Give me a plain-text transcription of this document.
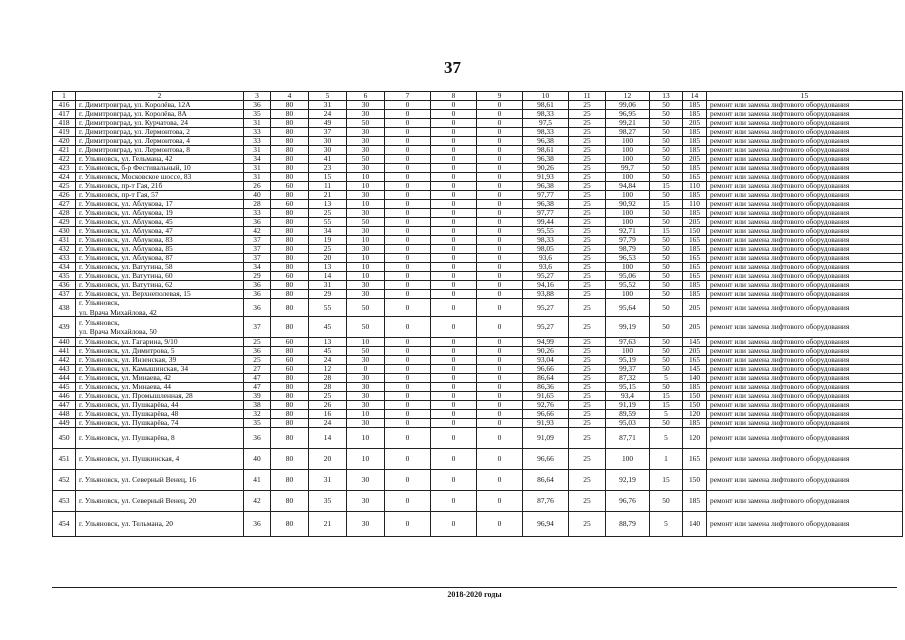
37
1	2	3	4	5	6	7	8	9	10	11	12	13	14	15
416	г. Димитровград, ул. Королёва, 12А	36	80	31	30	0	0	0	98,61	25	99,06	50	185	ремонт или замена лифтового оборудования
417	г. Димитровград, ул. Королёва, 8А	35	80	24	30	0	0	0	98,33	25	96,95	50	185	ремонт или замена лифтового оборудования
418	г. Димитровград, ул. Курчатова, 24	31	80	49	50	0	0	0	97,5	25	99,21	50	205	ремонт или замена лифтового оборудования
419	г. Димитровград, ул. Лермонтова, 2	33	80	37	30	0	0	0	98,33	25	98,27	50	185	ремонт или замена лифтового оборудования
420	г. Димитровград, ул. Лермонтова, 4	33	80	30	30	0	0	0	96,38	25	100	50	185	ремонт или замена лифтового оборудования
421	г. Димитровград, ул. Лермонтова, 8	31	80	30	30	0	0	0	98,61	25	100	50	185	ремонт или замена лифтового оборудования
422	г. Ульяновск, ул. Гельмана, 42	34	80	41	50	0	0	0	96,38	25	100	50	205	ремонт или замена лифтового оборудования
423	г. Ульяновск, б-р Фестивальный, 10	31	80	23	30	0	0	0	90,26	25	99,7	50	185	ремонт или замена лифтового оборудования
424	г. Ульяновск, Московское шоссе, 83	31	80	15	10	0	0	0	91,93	25	100	50	165	ремонт или замена лифтового оборудования
425	г. Ульяновск, пр-т Гая, 21б	26	60	11	10	0	0	0	96,38	25	94,84	15	110	ремонт или замена лифтового оборудования
426	г. Ульяновск, пр-т Гая, 57	40	80	21	30	0	0	0	97,77	25	100	50	185	ремонт или замена лифтового оборудования
427	г. Ульяновск, ул. Аблукова, 17	28	60	13	10	0	0	0	96,38	25	90,92	15	110	ремонт или замена лифтового оборудования
428	г. Ульяновск, ул. Аблукова, 19	33	80	25	30	0	0	0	97,77	25	100	50	185	ремонт или замена лифтового оборудования
429	г. Ульяновск, ул. Аблукова, 45	36	80	55	50	0	0	0	99,44	25	100	50	205	ремонт или замена лифтового оборудования
430	г. Ульяновск, ул. Аблукова, 47	42	80	34	30	0	0	0	95,55	25	92,71	15	150	ремонт или замена лифтового оборудования
431	г. Ульяновск, ул. Аблукова, 83	37	80	19	10	0	0	0	98,33	25	97,79	50	165	ремонт или замена лифтового оборудования
432	г. Ульяновск, ул. Аблукова, 85	37	80	25	30	0	0	0	98,05	25	98,79	50	185	ремонт или замена лифтового оборудования
433	г. Ульяновск, ул. Аблукова, 87	37	80	20	10	0	0	0	93,6	25	96,53	50	165	ремонт или замена лифтового оборудования
434	г. Ульяновск, ул. Ватутина, 58	34	80	13	10	0	0	0	93,6	25	100	50	165	ремонт или замена лифтового оборудования
435	г. Ульяновск, ул. Ватутина, 60	29	60	14	10	0	0	0	95,27	25	95,06	50	165	ремонт или замена лифтового оборудования
436	г. Ульяновск, ул. Ватутина, 62	36	80	31	30	0	0	0	94,16	25	95,52	50	185	ремонт или замена лифтового оборудования
437	г. Ульяновск, ул. Верхнеполевая, 15	36	80	29	30	0	0	0	93,88	25	100	50	185	ремонт или замена лифтового оборудования
438	г. Ульяновск,
ул. Врача Михайлова, 42	36	80	55	50	0	0	0	95,27	25	95,64	50	205	ремонт или замена лифтового оборудования
439	г. Ульяновск,
ул. Врача Михайлова, 50	37	80	45	50	0	0	0	95,27	25	99,19	50	205	ремонт или замена лифтового оборудования
440	г. Ульяновск, ул. Гагарина, 9/10	25	60	13	10	0	0	0	94,99	25	97,63	50	145	ремонт или замена лифтового оборудования
441	г. Ульяновск, ул. Димитрова, 5	36	80	45	50	0	0	0	90,26	25	100	50	205	ремонт или замена лифтового оборудования
442	г. Ульяновск, ул. Инзенская, 39	25	60	24	30	0	0	0	93,04	25	95,19	50	165	ремонт или замена лифтового оборудования
443	г. Ульяновск, ул. Камышинская, 34	27	60	12	0	0	0	0	96,66	25	99,37	50	145	ремонт или замена лифтового оборудования
444	г. Ульяновск, ул. Минаева, 42	47	80	28	30	0	0	0	86,64	25	87,32	5	140	ремонт или замена лифтового оборудования
445	г. Ульяновск, ул. Минаева, 44	47	80	28	30	0	0	0	86,36	25	95,15	50	185	ремонт или замена лифтового оборудования
446	г. Ульяновск, ул. Промышленная, 28	39	80	25	30	0	0	0	91,65	25	93,4	15	150	ремонт или замена лифтового оборудования
447	г. Ульяновск, ул. Пушкарёва, 44	38	80	26	30	0	0	0	92,76	25	91,19	15	150	ремонт или замена лифтового оборудования
448	г. Ульяновск, ул. Пушкарёва, 48	32	80	16	10	0	0	0	96,66	25	89,59	5	120	ремонт или замена лифтового оборудования
449	г. Ульяновск, ул. Пушкарёва, 74	35	80	24	30	0	0	0	91,93	25	95,03	50	185	ремонт или замена лифтового оборудования
450	г. Ульяновск, ул. Пушкарёва, 8	36	80	14	10	0	0	0	91,09	25	87,71	5	120	ремонт или замена лифтового оборудования
451	г. Ульяновск, ул. Пушкинская, 4	40	80	20	10	0	0	0	96,66	25	100	1	165	ремонт или замена лифтового оборудования
452	г. Ульяновск, ул. Северный Венец, 16	41	80	31	30	0	0	0	86,64	25	92,19	15	150	ремонт или замена лифтового оборудования
453	г. Ульяновск, ул. Северный Венец, 20	42	80	35	30	0	0	0	87,76	25	96,76	50	185	ремонт или замена лифтового оборудования
454	г. Ульяновск, ул. Тельмана, 20	36	80	21	30	0	0	0	96,94	25	88,79	5	140	ремонт или замена лифтового оборудования
2018-2020 годы
